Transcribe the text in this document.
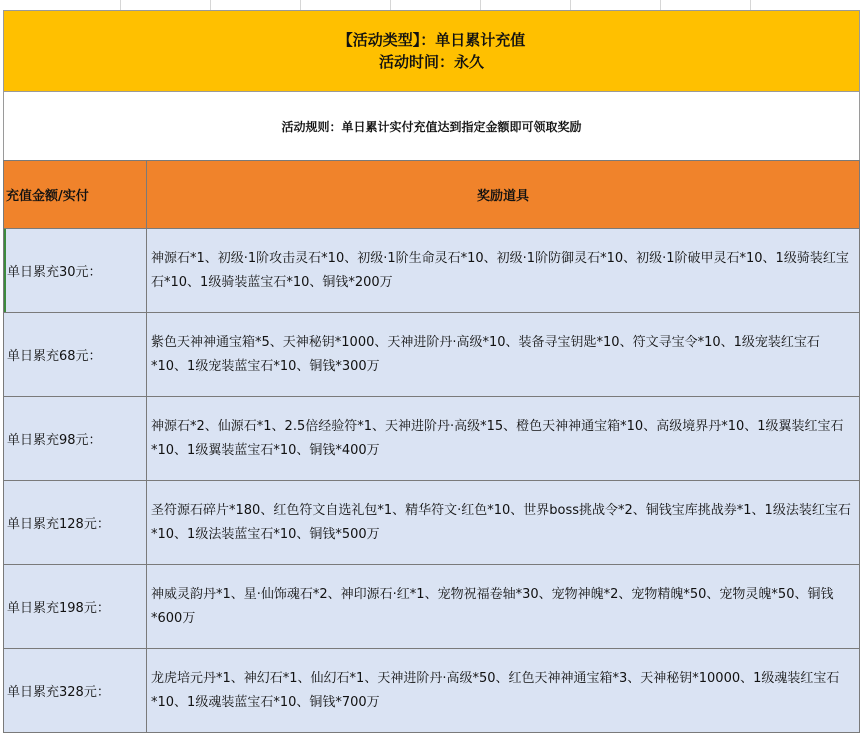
【活动类型】：单日累计充值
活动时间：永久
活动规则：单日累计实付充值达到指定金额即可领取奖励
充值金额/实付	奖励道具
单日累充30元：
神源石*1、初级·1阶攻击灵石*10、初级·1阶生命灵石*10、初级·1阶防御灵石*10、初级·1阶破甲灵石*10、1级骑装红宝石*10、1级骑装蓝宝石*10、铜钱*200万
单日累充68元：
紫色天神神通宝箱*5、天神秘钥*1000、天神进阶丹·高级*10、装备寻宝钥匙*10、符文寻宝令*10、1级宠装红宝石*10、1级宠装蓝宝石*10、铜钱*300万
单日累充98元：
神源石*2、仙源石*1、2.5倍经验符*1、天神进阶丹·高级*15、橙色天神神通宝箱*10、高级境界丹*10、1级翼装红宝石*10、1级翼装蓝宝石*10、铜钱*400万
单日累充128元：
圣符源石碎片*180、红色符文自选礼包*1、精华符文·红色*10、世界boss挑战令*2、铜钱宝库挑战券*1、1级法装红宝石*10、1级法装蓝宝石*10、铜钱*500万
单日累充198元：
神威灵韵丹*1、星·仙饰魂石*2、神印源石·红*1、宠物祝福卷轴*30、宠物神魄*2、宠物精魄*50、宠物灵魄*50、铜钱*600万
单日累充328元：
龙虎培元丹*1、神幻石*1、仙幻石*1、天神进阶丹·高级*50、红色天神神通宝箱*3、天神秘钥*10000、1级魂装红宝石*10、1级魂装蓝宝石*10、铜钱*700万
